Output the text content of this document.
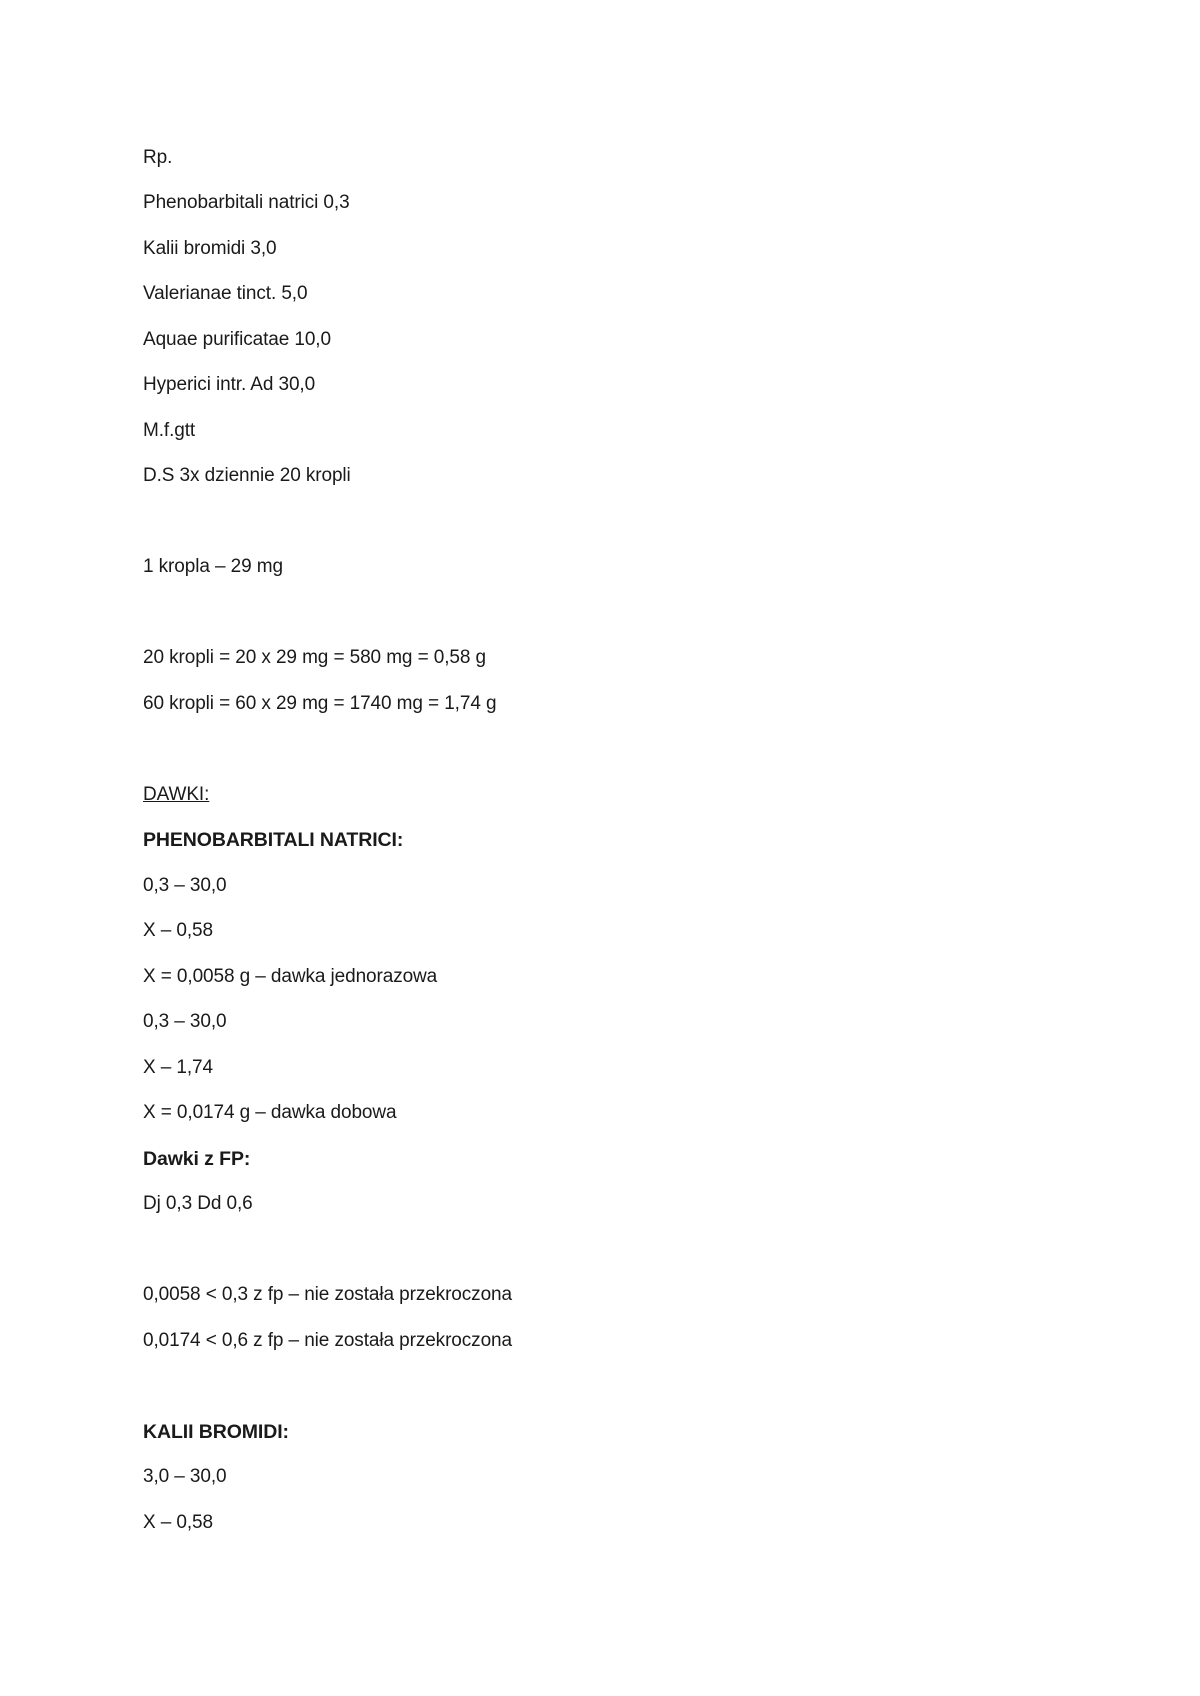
Rp.
Phenobarbitali natrici 0,3
Kalii bromidi 3,0
Valerianae tinct. 5,0
Aquae purificatae 10,0
Hyperici intr. Ad 30,0
M.f.gtt
D.S 3x dziennie 20 kropli
1 kropla – 29 mg
20 kropli = 20 x 29 mg = 580 mg = 0,58 g
60 kropli = 60 x 29 mg = 1740 mg = 1,74 g
DAWKI:
PHENOBARBITALI NATRICI:
0,3 – 30,0
X – 0,58
X = 0,0058 g – dawka jednorazowa
0,3 – 30,0
X – 1,74
X = 0,0174 g – dawka dobowa
Dawki z FP:
Dj 0,3 Dd 0,6
0,0058 < 0,3 z fp – nie została przekroczona
0,0174 < 0,6 z fp – nie została przekroczona
KALII BROMIDI:
3,0 – 30,0
X – 0,58
